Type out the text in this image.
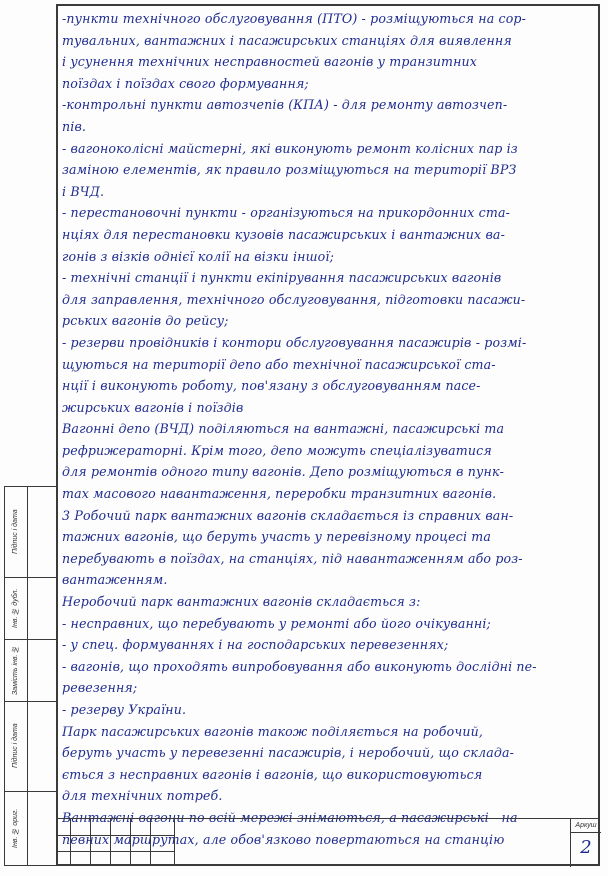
-пункти технічного обслуговування (ПТО) - розміщуються на сор-
тувальних, вантажних і пасажирських станціях для виявлення
і усунення технічних несправностей вагонів у транзитних
поїздах і поїздах свого формування;
-контрольні пункти автозчепів (КПА) - для ремонту автозчеп-
пів.
- вагоноколісні майстерні, які виконують ремонт колісних пар із
заміною елементів, як правило розміщуються на території ВРЗ
і ВЧД.
- перестановочні пункти - організуються на прикордонних ста-
нціях для перестановки кузовів пасажирських і вантажних ва-
гонів з візків однієї колії на візки іншої;
- технічні станції і пункти екіпірування пасажирських вагонів
для заправлення, технічного обслуговування, підготовки пасажи-
рських вагонів до рейсу;
- резерви провідників і контори обслуговування пасажирів - розмі-
щуються на території депо або технічної пасажирської ста-
нції і виконують роботу, пов'язану з обслуговуванням пасе-
жирських вагонів і поїздів
Вагонні депо (ВЧД) поділяються на вантажні, пасажирські та
рефрижераторні. Крім того, депо можуть спеціалізуватися
для ремонтів одного типу вагонів. Депо розміщуються в пунк-
тах масового навантаження, переробки транзитних вагонів.
3 Робочий парк вантажних вагонів складається із справних ван-
тажних вагонів, що беруть участь у перевізному процесі та
перебувають в поїздах, на станціях, під навантаженням або роз-
вантаженням.
Неробочий парк вантажних вагонів складається з:
- несправних, що перебувають у ремонті або його очікуванні;
- у спец. формуваннях і на господарських перевезеннях;
- вагонів, що проходять випробовування або виконують дослідні пе-
ревезення;
- резерву України.
Парк пасажирських вагонів також поділяється на робочий,
беруть участь у перевезенні пасажирів, і неробочий, що склада-
ється з несправних вагонів і вагонів, що використовуються
для технічних потреб.
Вантажні вагони по всій мережі знімаються, а пасажирські - на
певних маршрутах, але обов'язково повертаються на станцію
Підпис і дата
Інв. № дубл.
Замість інв. №
Підпис і дата
Інв. № ориг.	Аркуш
2
